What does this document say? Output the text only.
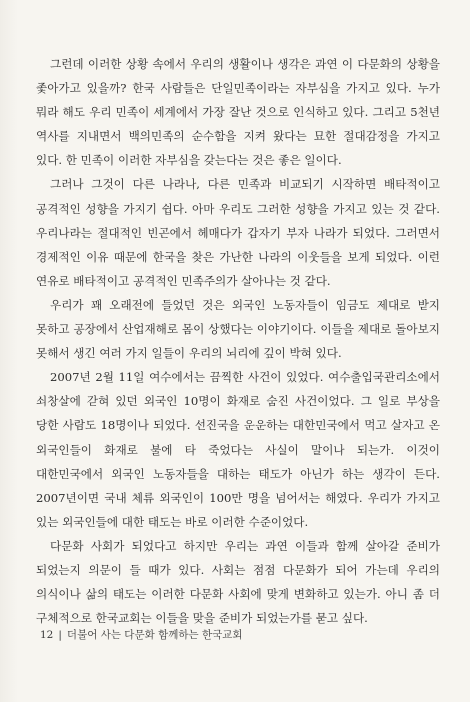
그런데 이러한 상황 속에서 우리의 생활이나 생각은 과연 이 다문화의 상황을 좇아가고 있을까? 한국 사람들은 단일민족이라는 자부심을 가지고 있다. 누가 뭐라 해도 우리 민족이 세계에서 가장 잘난 것으로 인식하고 있다. 그리고 5천년 역사를 지내면서 백의민족의 순수함을 지켜 왔다는 묘한 절대감정을 가지고 있다. 한 민족이 이러한 자부심을 갖는다는 것은 좋은 일이다.

그러나 그것이 다른 나라나, 다른 민족과 비교되기 시작하면 배타적이고 공격적인 성향을 가지기 쉽다. 아마 우리도 그러한 성향을 가지고 있는 것 같다. 우리나라는 절대적인 빈곤에서 헤매다가 갑자기 부자 나라가 되었다. 그러면서 경제적인 이유 때문에 한국을 찾은 가난한 나라의 이웃들을 보게 되었다. 이런 연유로 배타적이고 공격적인 민족주의가 살아나는 것 같다.

우리가 꽤 오래전에 들었던 것은 외국인 노동자들이 임금도 제대로 받지 못하고 공장에서 산업재해로 몸이 상했다는 이야기이다. 이들을 제대로 돌아보지 못해서 생긴 여러 가지 일들이 우리의 뇌리에 깊이 박혀 있다.

2007년 2월 11일 여수에서는 끔찍한 사건이 있었다. 여수출입국관리소에서 쇠창살에 갇혀 있던 외국인 10명이 화재로 숨진 사건이었다. 그 일로 부상을 당한 사람도 18명이나 되었다. 선진국을 운운하는 대한민국에서 먹고 살자고 온 외국인들이 화재로 불에 타 죽었다는 사실이 말이나 되는가. 이것이 대한민국에서 외국인 노동자들을 대하는 태도가 아닌가 하는 생각이 든다. 2007년이면 국내 체류 외국인이 100만 명을 넘어서는 해였다. 우리가 가지고 있는 외국인들에 대한 태도는 바로 이러한 수준이었다.

다문화 사회가 되었다고 하지만 우리는 과연 이들과 함께 살아갈 준비가 되었는지 의문이 들 때가 있다. 사회는 점점 다문화가 되어 가는데 우리의 의식이나 삶의 태도는 이러한 다문화 사회에 맞게 변화하고 있는가. 아니 좀 더 구체적으로 한국교회는 이들을 맞을 준비가 되었는가를 묻고 싶다.

12 | 더불어 사는 다문화 함께하는 한국교회
